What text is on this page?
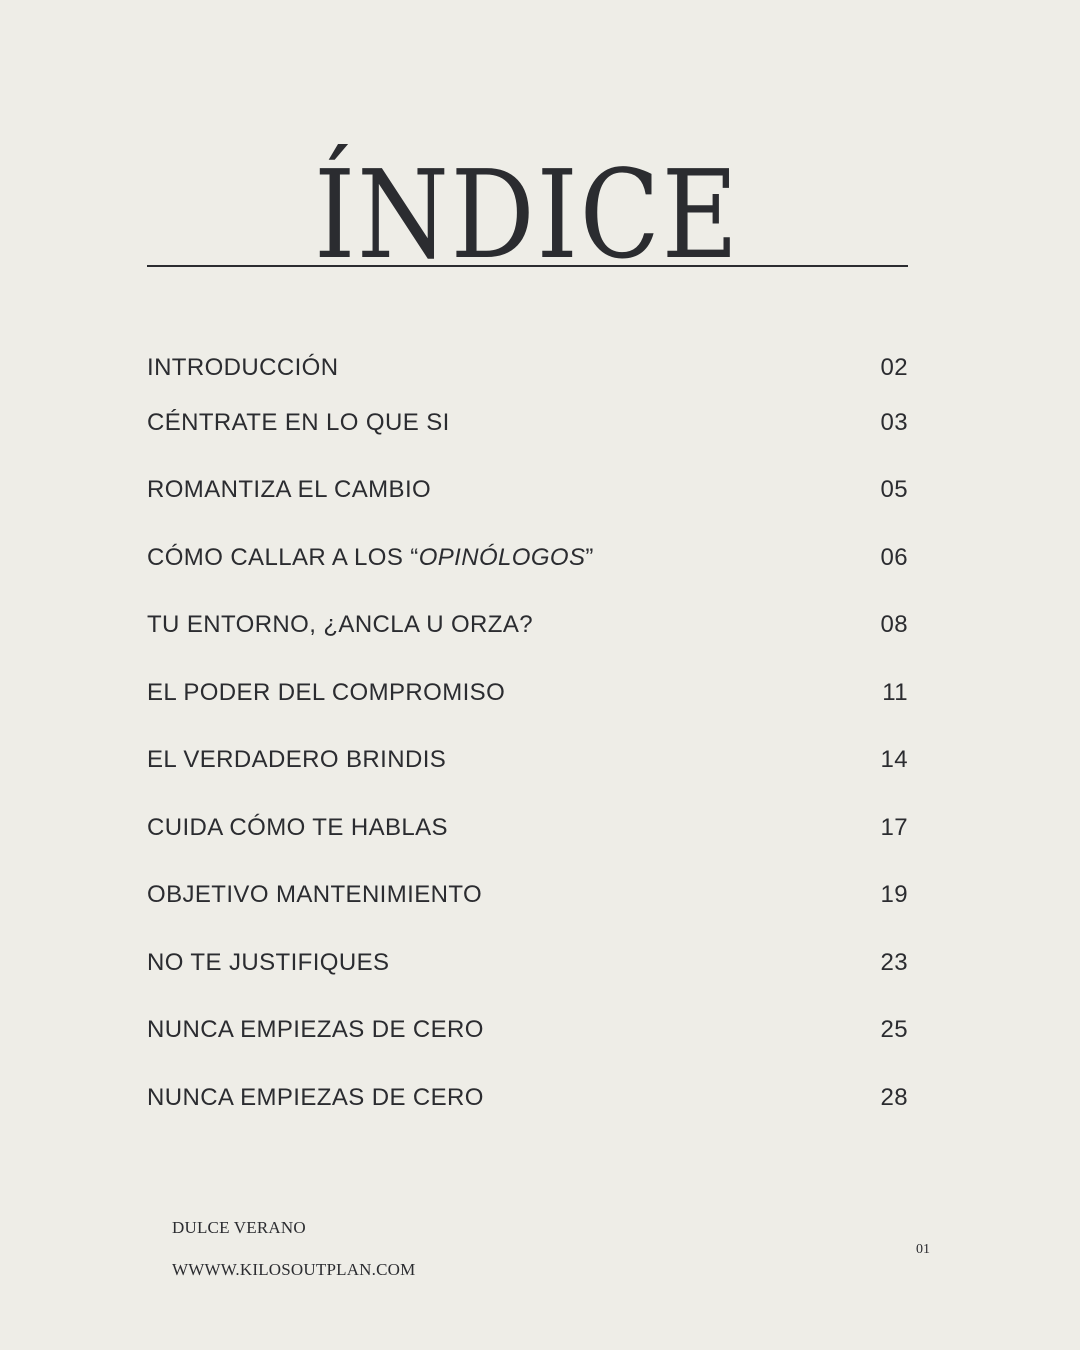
ÍNDICE
INTRODUCCIÓN	02
CÉNTRATE EN LO QUE SI	03
ROMANTIZA EL CAMBIO	05
CÓMO CALLAR A LOS “OPINÓLOGOS”	06
TU ENTORNO, ¿ANCLA U ORZA?	08
EL PODER DEL COMPROMISO	11
EL VERDADERO BRINDIS	14
CUIDA CÓMO TE HABLAS	17
OBJETIVO MANTENIMIENTO	19
NO TE JUSTIFIQUES	23
NUNCA EMPIEZAS DE CERO	25
NUNCA EMPIEZAS DE CERO	28
DULCE VERANO
WWWW.KILOSOUTPLAN.COM
01
